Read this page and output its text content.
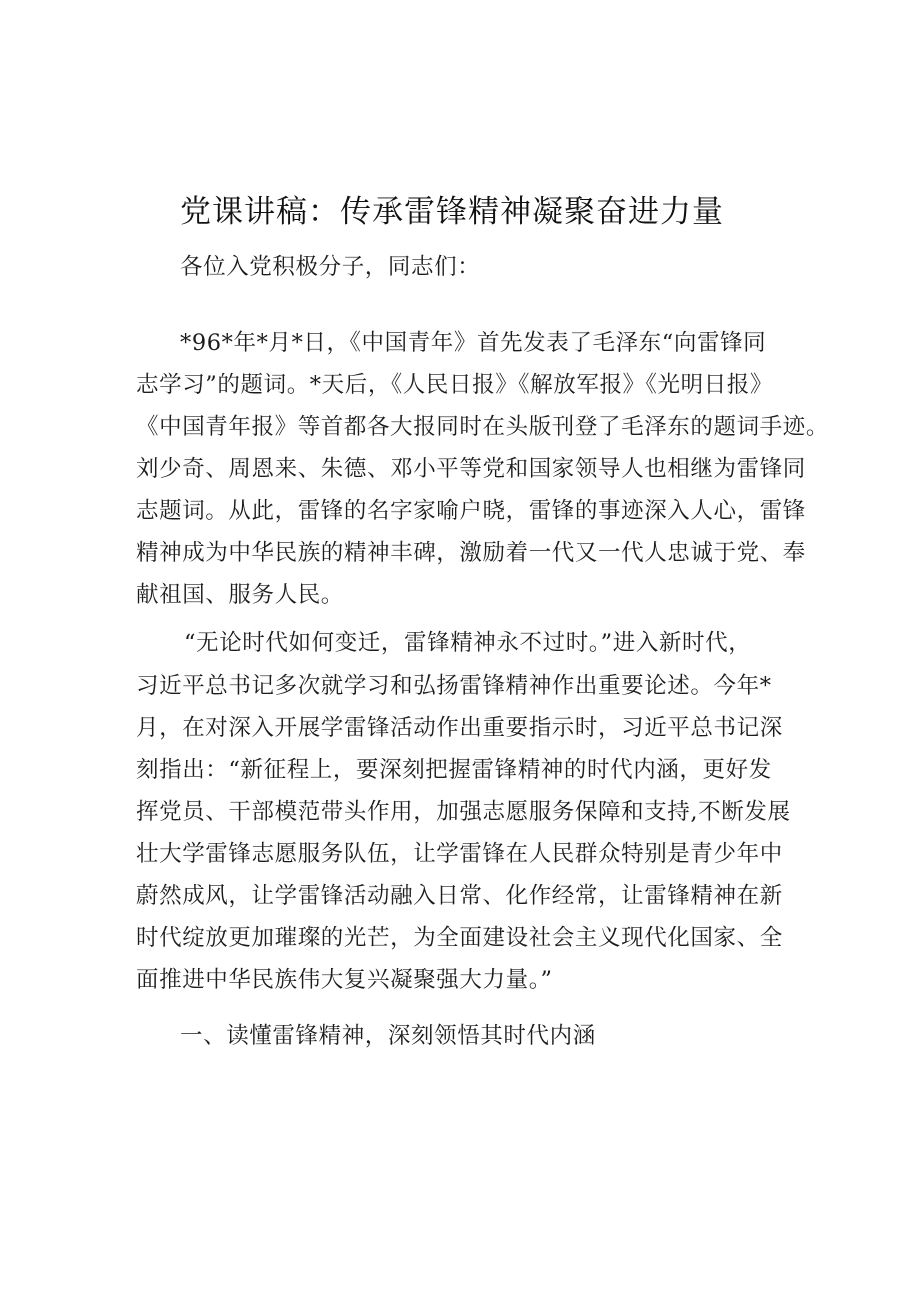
党课讲稿：传承雷锋精神凝聚奋进力量
各位入党积极分子，同志们：
*96*年*月*日，《中国青年》首先发表了毛泽东“向雷锋同
志学习”的题词。*天后，《人民日报》《解放军报》《光明日报》
《中国青年报》等首都各大报同时在头版刊登了毛泽东的题词手迹。
刘少奇、周恩来、朱德、邓小平等党和国家领导人也相继为雷锋同
志题词。从此，雷锋的名字家喻户晓，雷锋的事迹深入人心，雷锋
精神成为中华民族的精神丰碑，激励着一代又一代人忠诚于党、奉
献祖国、服务人民。
“无论时代如何变迁，雷锋精神永不过时。”进入新时代，
习近平总书记多次就学习和弘扬雷锋精神作出重要论述。今年*
月，在对深入开展学雷锋活动作出重要指示时，习近平总书记深
刻指出：“新征程上，要深刻把握雷锋精神的时代内涵，更好发
挥党员、干部模范带头作用，加强志愿服务保障和支持,不断发展
壮大学雷锋志愿服务队伍，让学雷锋在人民群众特别是青少年中
蔚然成风，让学雷锋活动融入日常、化作经常，让雷锋精神在新
时代绽放更加璀璨的光芒，为全面建设社会主义现代化国家、全
面推进中华民族伟大复兴凝聚强大力量。”
一、读懂雷锋精神，深刻领悟其时代内涵
